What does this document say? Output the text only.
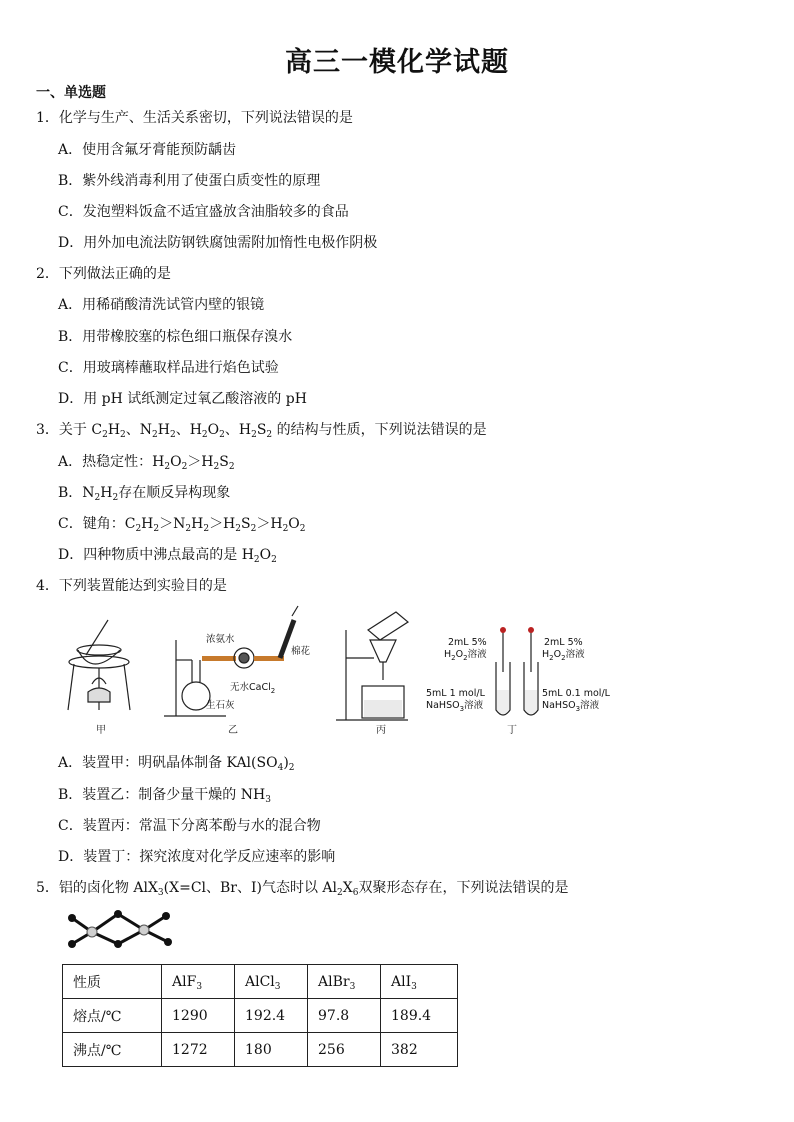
高三一模化学试题
一、单选题
1．化学与生产、生活关系密切，下列说法错误的是
A．使用含氟牙膏能预防龋齿
B．紫外线消毒利用了使蛋白质变性的原理
C．发泡塑料饭盒不适宜盛放含油脂较多的食品
D．用外加电流法防钢铁腐蚀需附加惰性电极作阴极
2．下列做法正确的是
A．用稀硝酸清洗试管内壁的银镜
B．用带橡胶塞的棕色细口瓶保存溴水
C．用玻璃棒蘸取样品进行焰色试验
D．用 pH 试纸测定过氧乙酸溶液的 pH
3．关于 $C_2H_2$、$N_2H_2$、$H_2O_2$、$H_2S_2$ 的结构与性质，下列说法错误的是
A．热稳定性：$H_2O_2>H_2S_2$
B．$N_2H_2$存在顺反异构现象
C．键角：$C_2H_2>N_2H_2>H_2S_2>H_2O_2$
D．四种物质中沸点最高的是 $H_2O_2$
4．下列装置能达到实验目的是
甲
浓氨水
棉花
无水CaCl$_2$
生石灰
乙	丙
2mL 5%
$H_2O_2$溶液
2mL 5%
$H_2O_2$溶液
5mL 1 mol/L
NaHSO$_3$溶液
5mL 0.1 mol/L
NaHSO$_3$溶液
丁
A．装置甲：明矾晶体制备 $KAl(SO_4)_2$
B．装置乙：制备少量干燥的 $NH_3$
C．装置丙：常温下分离苯酚与水的混合物
D．装置丁：探究浓度对化学反应速率的影响
5．铝的卤化物 AlX$_3$(X=Cl、Br、I)气态时以 $Al_2X_6$双聚形态存在，下列说法错误的是
性质	AlF$_3$	AlCl$_3$	AlBr$_3$	AlI$_3$
熔点/℃	1290	192.4	97.8	189.4
沸点/℃	1272	180	256	382
